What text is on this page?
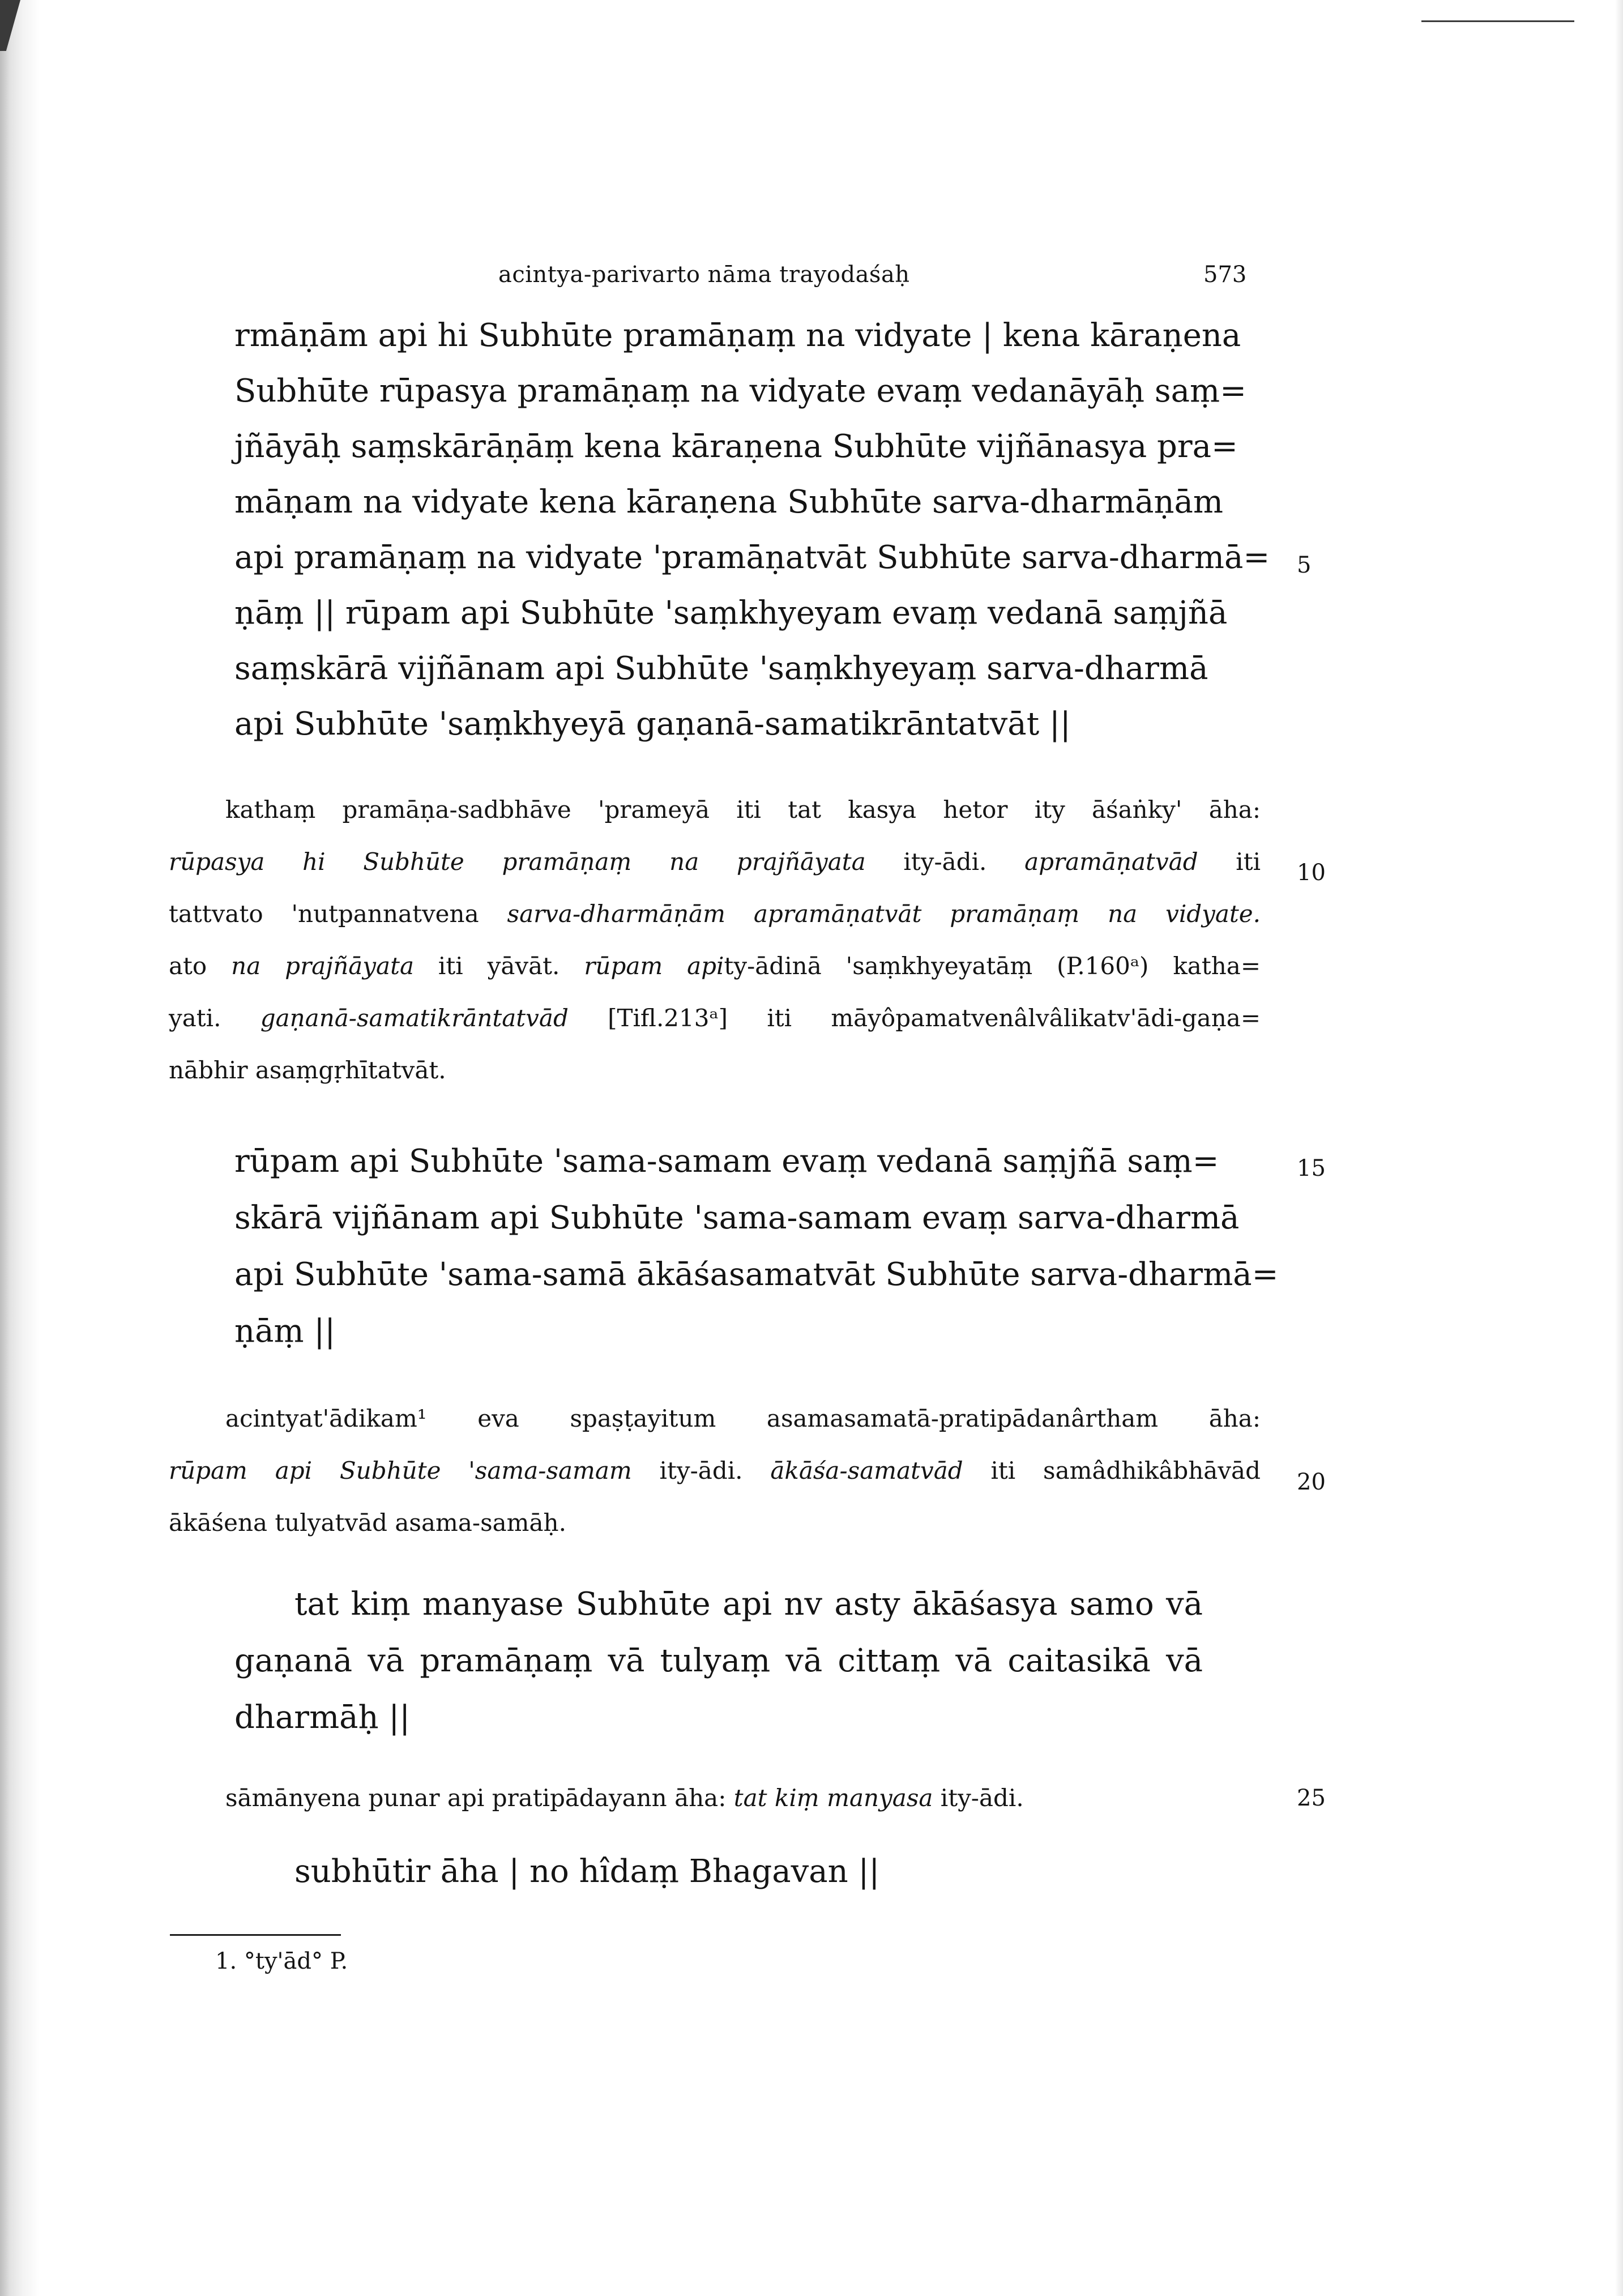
acintya-parivarto nāma trayodaśaḥ	573
rmāṇām api hi Subhūte pramāṇaṃ na vidyate | kena kāraṇena
Subhūte rūpasya pramāṇaṃ na vidyate evaṃ vedanāyāḥ saṃ=
jñāyāḥ saṃskārāṇāṃ kena kāraṇena Subhūte vijñānasya pra=
māṇam na vidyate kena kāraṇena Subhūte sarva-dharmāṇām
api pramāṇaṃ na vidyate 'pramāṇatvāt Subhūte sarva-dharmā=
ṇāṃ || rūpam api Subhūte 'saṃkhyeyam evaṃ vedanā saṃjñā
saṃskārā vijñānam api Subhūte 'saṃkhyeyaṃ sarva-dharmā
api Subhūte 'saṃkhyeyā gaṇanā-samatikrāntatvāt ||
5
kathaṃ pramāṇa-sadbhāve 'prameyā iti tat kasya hetor ity āśaṅky' āha:
rūpasya hi Subhūte pramāṇaṃ na prajñāyata ity-ādi. apramāṇatvād iti
tattvato 'nutpannatvena sarva-dharmāṇām apramāṇatvāt pramāṇaṃ na vidyate.
ato na prajñāyata iti yāvāt. rūpam apity-ādinā 'saṃkhyeyatāṃ (P.160ᵃ) katha=
yati. gaṇanā-samatikrāntatvād [Tifl.213ᵃ] iti māyôpamatvenâlvâlikatv'ādi-gaṇa=
nābhir asaṃgṛhītatvāt.
10
rūpam api Subhūte 'sama-samam evaṃ vedanā saṃjñā saṃ=
skārā vijñānam api Subhūte 'sama-samam evaṃ sarva-dharmā
api Subhūte 'sama-samā ākāśasamatvāt Subhūte sarva-dharmā=
ṇāṃ ||
15
acintyat'ādikam¹ eva spaṣṭayitum asamasamatā-pratipādanârtham āha:
rūpam api Subhūte 'sama-samam ity-ādi. ākāśa-samatvād iti samâdhikâbhāvād
ākāśena tulyatvād asama-samāḥ.
20
tat kiṃ manyase Subhūte api nv asty ākāśasya samo vā
gaṇanā vā pramāṇaṃ vā tulyaṃ vā cittaṃ vā caitasikā vā
dharmāḥ ||
sāmānyena punar api pratipādayann āha: tat kiṃ manyasa ity-ādi.	25
subhūtir āha | no hîdaṃ Bhagavan ||
1. °ty'ād° P.
